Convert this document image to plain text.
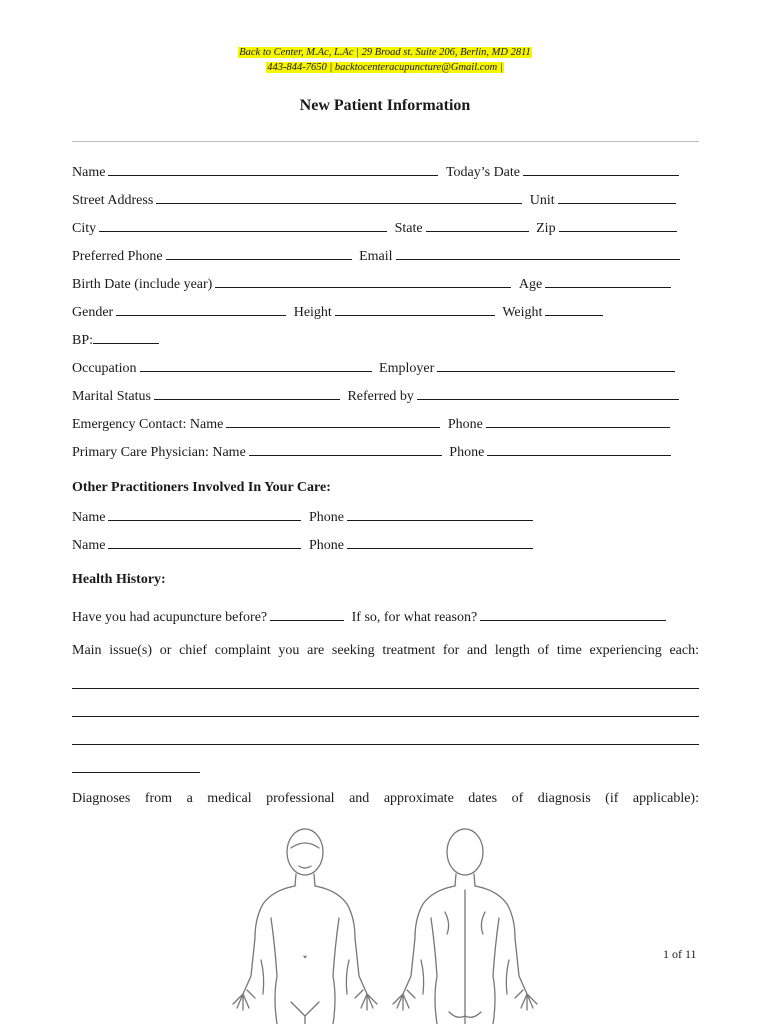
Back to Center, M.Ac, L.Ac | 29 Broad st. Suite 206, Berlin, MD 2811
443-844-7650 | backtocenteracupuncture@Gmail.com |
New Patient Information
Name	Today’s Date
Street Address	Unit
City	State	Zip
Preferred Phone	Email
Birth Date (include year)	Age
Gender	Height	Weight
BP:
Occupation	Employer
Marital Status	Referred by
Emergency Contact: Name	Phone
Primary Care Physician: Name	Phone
Other Practitioners Involved In Your Care:
Name	Phone
Name	Phone
Health History:
Have you had acupuncture before?	If so, for what reason?
Main issue(s) or chief complaint you are seeking treatment for and length of time experiencing each:
Diagnoses from a medical professional and approximate dates of diagnosis (if applicable):
1 of 11
